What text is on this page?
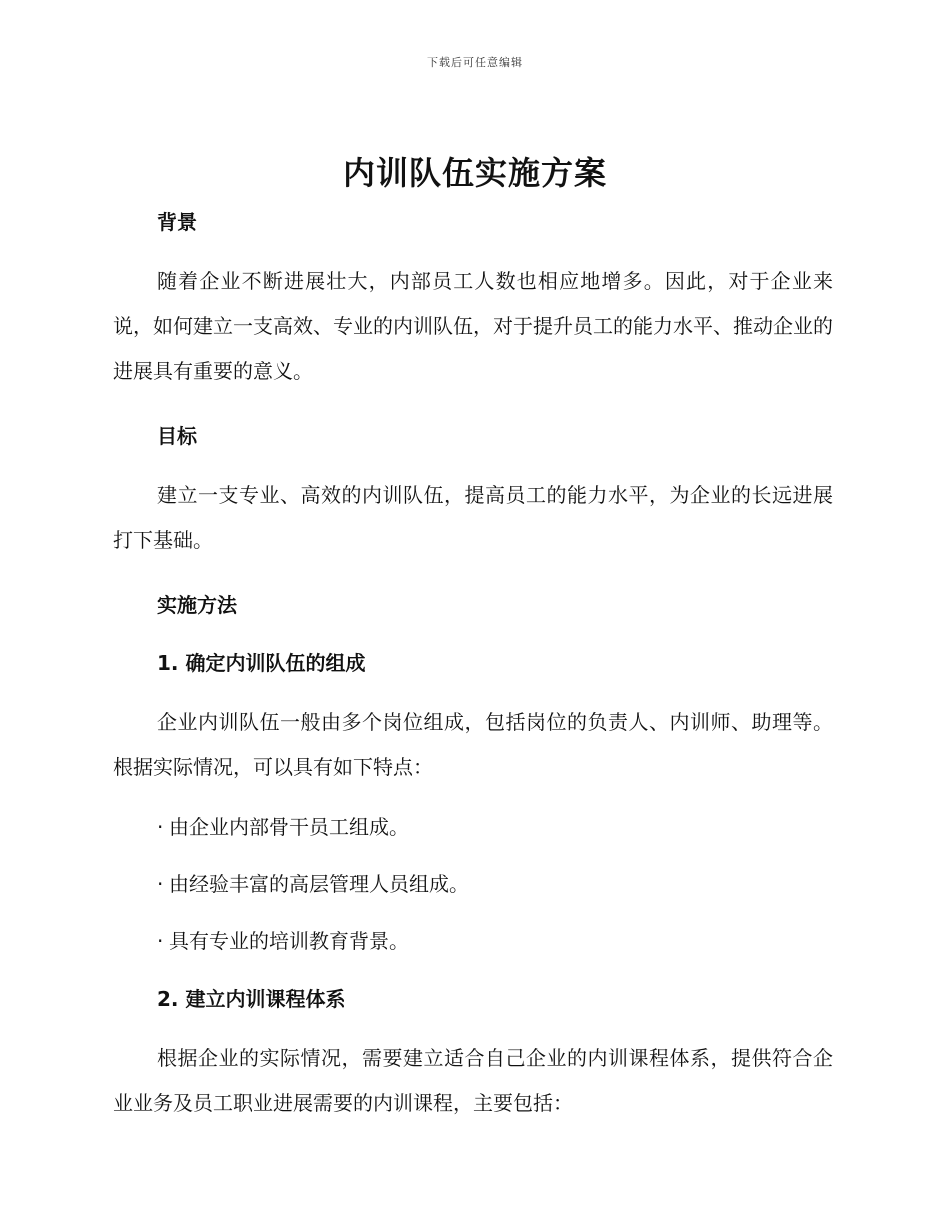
下载后可任意编辑
内训队伍实施方案
背景

随着企业不断进展壮大，内部员工人数也相应地增多。因此，对于企业来说，如何建立一支高效、专业的内训队伍，对于提升员工的能力水平、推动企业的进展具有重要的意义。

目标

建立一支专业、高效的内训队伍，提高员工的能力水平，为企业的长远进展打下基础。

实施方法
1. 确定内训队伍的组成

企业内训队伍一般由多个岗位组成，包括岗位的负责人、内训师、助理等。根据实际情况，可以具有如下特点：

· 由企业内部骨干员工组成。
· 由经验丰富的高层管理人员组成。
· 具有专业的培训教育背景。
2. 建立内训课程体系

根据企业的实际情况，需要建立适合自己企业的内训课程体系，提供符合企业业务及员工职业进展需要的内训课程，主要包括：
